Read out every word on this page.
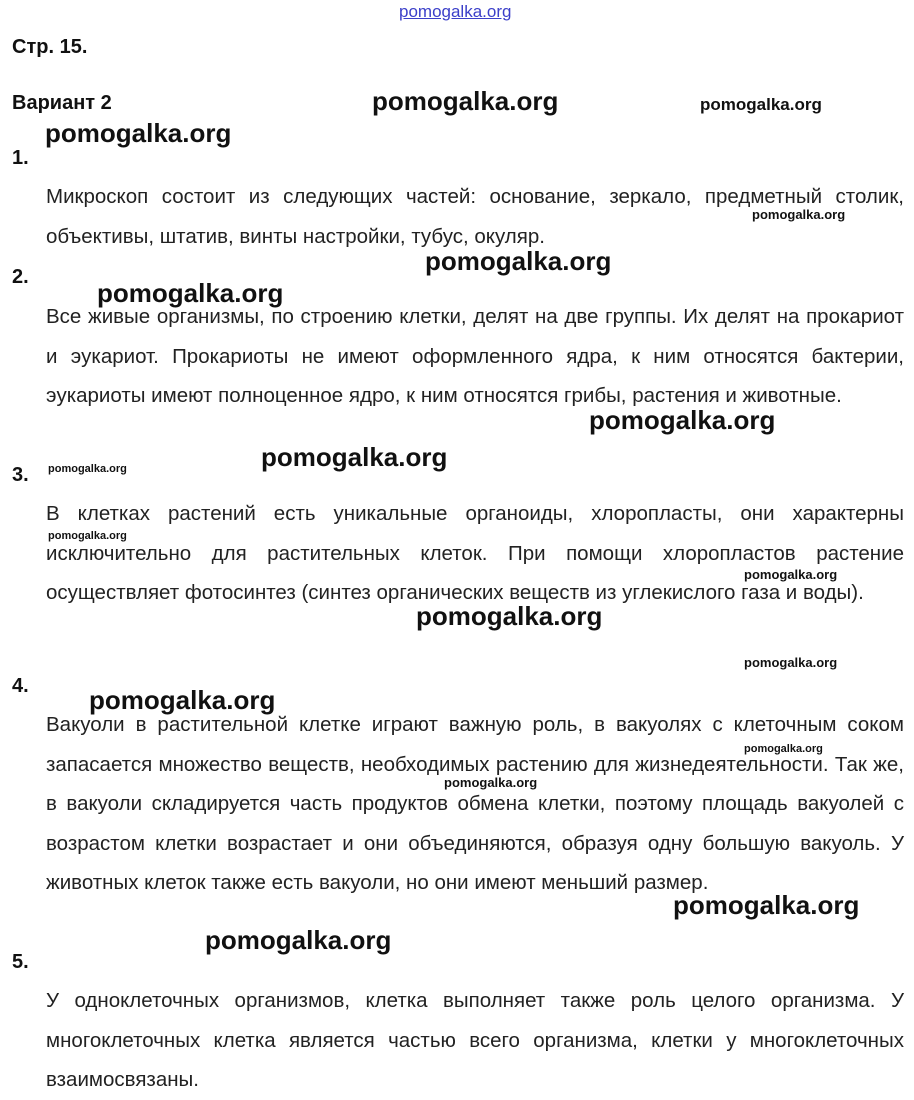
pomogalka.org
Стр. 15.
Вариант 2
1.

Микроскоп состоит из следующих частей: основание, зеркало, предметный столик, объективы, штатив, винты настройки, тубус, окуляр.

2.

Все живые организмы, по строению клетки, делят на две группы. Их делят на прокариот и эукариот. Прокариоты не имеют оформленного ядра, к ним относятся бактерии, эукариоты имеют полноценное ядро, к ним относятся грибы, растения и животные.

3.

В клетках растений есть уникальные органоиды, хлоропласты, они характерны исключительно для растительных клеток. При помощи хлоропластов растение осуществляет фотосинтез (синтез органических веществ из углекислого газа и воды).

4.

Вакуоли в растительной клетке играют важную роль, в вакуолях с клеточным соком запасается множество веществ, необходимых растению для жизнедеятельности. Так же, в вакуоли складируется часть продуктов обмена клетки, поэтому площадь вакуолей с возрастом клетки возрастает и они объединяются, образуя одну большую вакуоль. У животных клеток также есть вакуоли, но они имеют меньший размер.

5.

У одноклеточных организмов, клетка выполняет также роль целого организма. У многоклеточных клетка является частью всего организма, клетки у многоклеточных взаимосвязаны.

pomogalka.org	pomogalka.org
pomogalka.org
pomogalka.org
pomogalka.org
pomogalka.org
pomogalka.org
pomogalka.org
pomogalka.org
pomogalka.org
pomogalka.org
pomogalka.org
pomogalka.org
pomogalka.org
pomogalka.org
pomogalka.org
pomogalka.org
pomogalka.org
